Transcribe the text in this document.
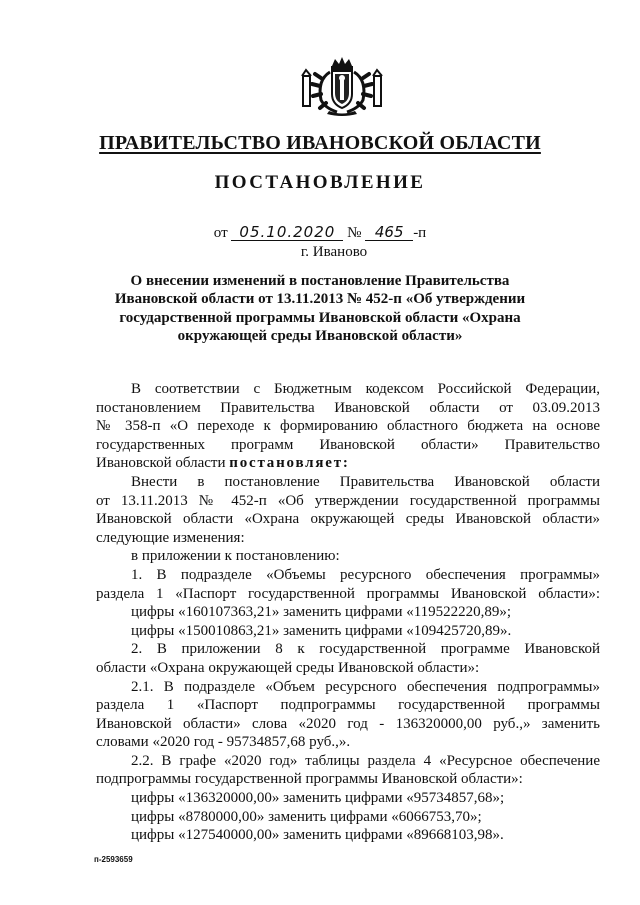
ПРАВИТЕЛЬСТВО ИВАНОВСКОЙ ОБЛАСТИ
ПОСТАНОВЛЕНИЕ
от 05.10.2020 № 465 -п
г. Иваново
О внесении изменений в постановление Правительства
Ивановской области от 13.11.2013 № 452-п «Об утверждении
государственной программы Ивановской области «Охрана
окружающей среды Ивановской области»
В соответствии с Бюджетным кодексом Российской Федерации,
постановлением Правительства Ивановской области от 03.09.2013
№ 358-п «О переходе к формированию областного бюджета на основе
государственных программ Ивановской области» Правительство
Ивановской области постановляет:
Внести в постановление Правительства Ивановской области
от 13.11.2013 № 452-п «Об утверждении государственной программы
Ивановской области «Охрана окружающей среды Ивановской области»
следующие изменения:
в приложении к постановлению:
1. В подразделе «Объемы ресурсного обеспечения программы»
раздела 1 «Паспорт государственной программы Ивановской области»:
цифры «160107363,21» заменить цифрами «119522220,89»;
цифры «150010863,21» заменить цифрами «109425720,89».
2. В приложении 8 к государственной программе Ивановской
области «Охрана окружающей среды Ивановской области»:
2.1. В подразделе «Объем ресурсного обеспечения подпрограммы»
раздела 1 «Паспорт подпрограммы государственной программы
Ивановской области» слова «2020 год - 136320000,00 руб.,» заменить
словами «2020 год - 95734857,68 руб.,».
2.2. В графе «2020 год» таблицы раздела 4 «Ресурсное обеспечение
подпрограммы государственной программы Ивановской области»:
цифры «136320000,00» заменить цифрами «95734857,68»;
цифры «8780000,00» заменить цифрами «6066753,70»;
цифры «127540000,00» заменить цифрами «89668103,98».
п-2593659
